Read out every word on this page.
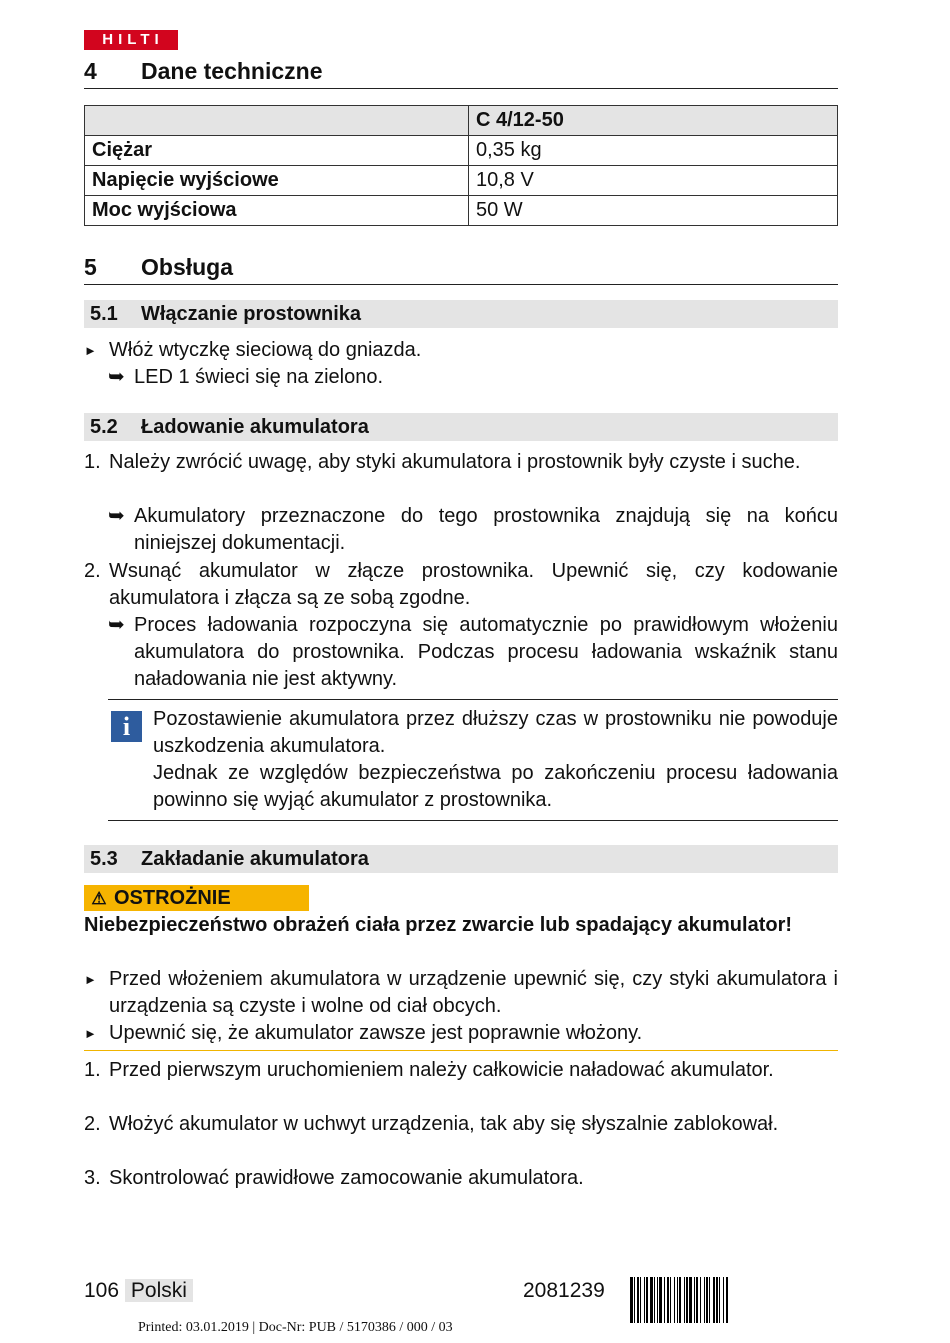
HILTI
4 Dane techniczne
	C 4/12-50
Ciężar	0,35 kg
Napięcie wyjściowe	10,8 V
Moc wyjściowa	50 W
5 Obsługa
5.1 Włączanie prostownika
► Włóż wtyczkę sieciową do gniazda.
➥ LED 1 świeci się na zielono.
5.2 Ładowanie akumulatora
1. Należy zwrócić uwagę, aby styki akumulatora i prostownik były czyste i suche.
➥ Akumulatory przeznaczone do tego prostownika znajdują się na końcu niniejszej dokumentacji.
2. Wsunąć akumulator w złącze prostownika. Upewnić się, czy kodowanie akumulatora i złącza są ze sobą zgodne.
➥ Proces ładowania rozpoczyna się automatycznie po prawidłowym włożeniu akumulatora do prostownika. Podczas procesu ładowania wskaźnik stanu naładowania nie jest aktywny.
i	Pozostawienie akumulatora przez dłuższy czas w prostowniku nie powoduje uszkodzenia akumulatora.
Jednak ze względów bezpieczeństwa po zakończeniu procesu ładowania powinno się wyjąć akumulator z prostownika.
5.3 Zakładanie akumulatora
⚠ OSTROŻNIE
Niebezpieczeństwo obrażeń ciała przez zwarcie lub spadający akumulator!
► Przed włożeniem akumulatora w urządzenie upewnić się, czy styki akumulatora i urządzenia są czyste i wolne od ciał obcych.
► Upewnić się, że akumulator zawsze jest poprawnie włożony.
1. Przed pierwszym uruchomieniem należy całkowicie naładować akumulator.
2. Włożyć akumulator w uchwyt urządzenia, tak aby się słyszalnie zablokował.
3. Skontrolować prawidłowe zamocowanie akumulatora.
106 Polski	2081239
Printed: 03.01.2019 | Doc-Nr: PUB / 5170386 / 000 / 03
